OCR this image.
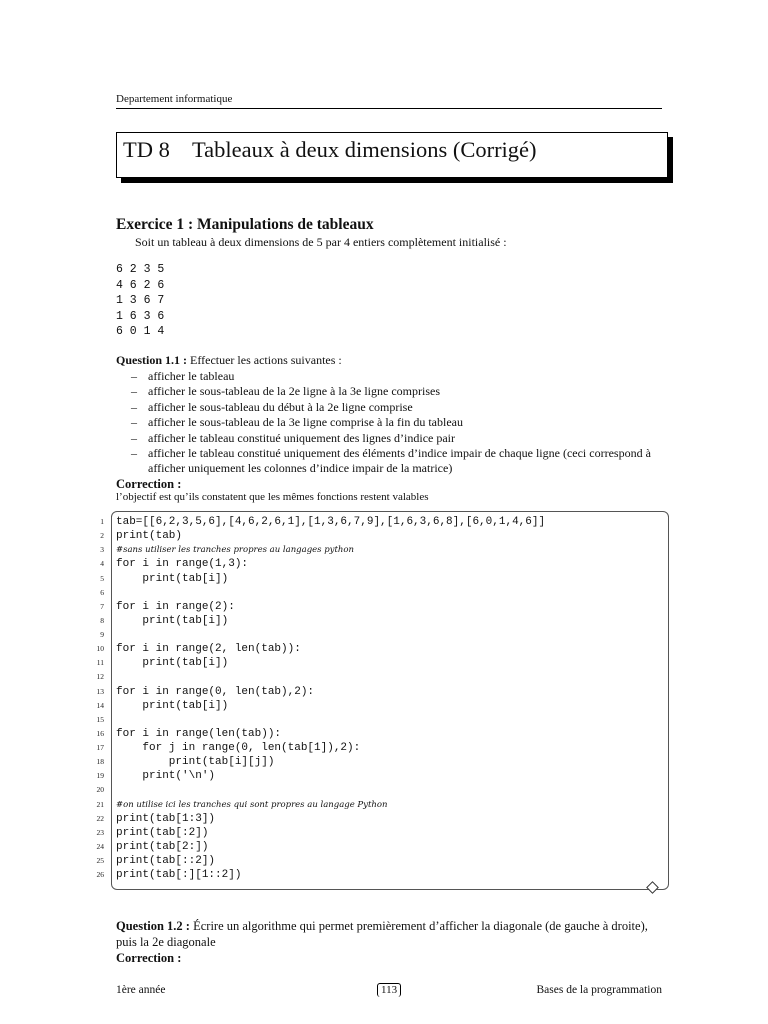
Departement informatique
TD 8    Tableaux à deux dimensions (Corrigé)
Exercice 1 : Manipulations de tableaux
Soit un tableau à deux dimensions de 5 par 4 entiers complètement initialisé :
6 2 3 5
4 6 2 6
1 3 6 7
1 6 3 6
6 0 1 4
Question 1.1 : Effectuer les actions suivantes :
– afficher le tableau
– afficher le sous-tableau de la 2e ligne à la 3e ligne comprises
– afficher le sous-tableau du début à la 2e ligne comprise
– afficher le sous-tableau de la 3e ligne comprise à la fin du tableau
– afficher le tableau constitué uniquement des lignes d’indice pair
– afficher le tableau constitué uniquement des éléments d’indice impair de chaque ligne (ceci correspond à afficher uniquement les colonnes d’indice impair de la matrice)
Correction :
l’objectif est qu’ils constatent que les mêmes fonctions restent valables
1 tab=[[6,2,3,5,6],[4,6,2,6,1],[1,3,6,7,9],[1,6,3,6,8],[6,0,1,4,6]]
2 print(tab)
3 #sans utiliser les tranches propres au langages python
4 for i in range(1,3):
5 print(tab[i])
6
7 for i in range(2):
8 print(tab[i])
9
10 for i in range(2, len(tab)):
11 print(tab[i])
12
13 for i in range(0, len(tab),2):
14 print(tab[i])
15
16 for i in range(len(tab)):
17 for j in range(0, len(tab[1]),2):
18 print(tab[i][j])
19 print('\n')
20
21 #on utilise ici les tranches qui sont propres au langage Python
22 print(tab[1:3])
23 print(tab[:2])
24 print(tab[2:])
25 print(tab[::2])
26 print(tab[:][1::2])
Question 1.2 : Écrire un algorithme qui permet premièrement d’afficher la diagonale (de gauche à droite), puis la 2e diagonale
Correction :
1ère année	113	Bases de la programmation
